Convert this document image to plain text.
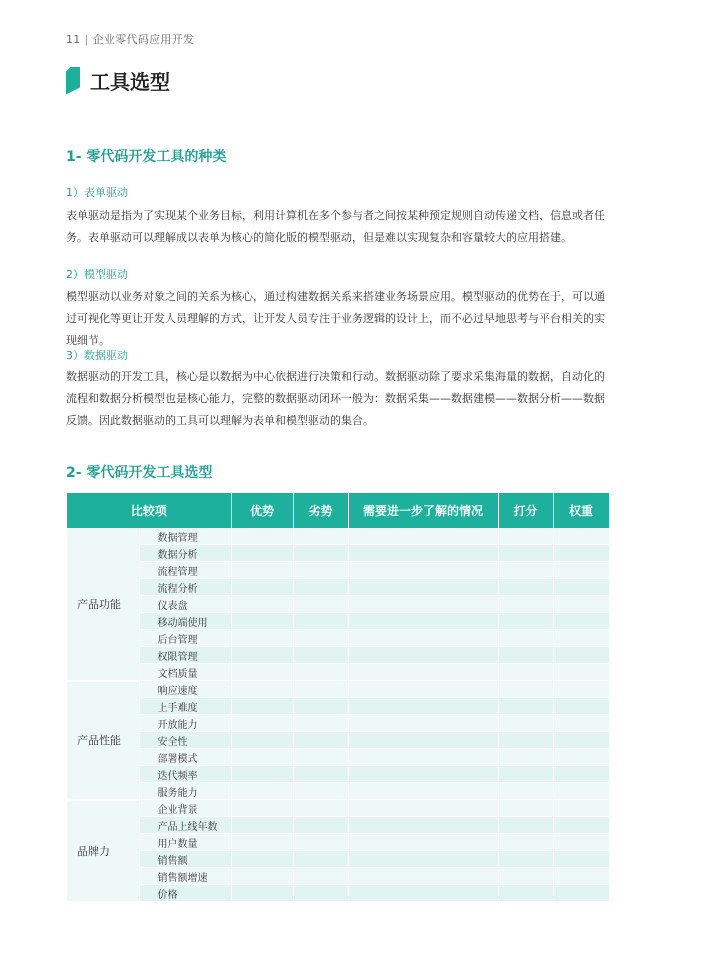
11 | 企业零代码应用开发
工具选型
1- 零代码开发工具的种类
1）表单驱动
表单驱动是指为了实现某个业务目标，利用计算机在多个参与者之间按某种预定规则自动传递文档、信息或者任务。表单驱动可以理解成以表单为核心的简化版的模型驱动，但是难以实现复杂和容量较大的应用搭建。
2）模型驱动
模型驱动以业务对象之间的关系为核心，通过构建数据关系来搭建业务场景应用。模型驱动的优势在于，可以通过可视化等更让开发人员理解的方式，让开发人员专注于业务逻辑的设计上，而不必过早地思考与平台相关的实现细节。
3）数据驱动
数据驱动的开发工具，核心是以数据为中心依据进行决策和行动。数据驱动除了要求采集海量的数据，自动化的流程和数据分析模型也是核心能力，完整的数据驱动闭环一般为：数据采集——数据建模——数据分析——数据反馈。因此数据驱动的工具可以理解为表单和模型驱动的集合。
2- 零代码开发工具选型
比较项		优势	劣势	需要进一步了解的情况	打分	权重
产品功能	数据管理					
	数据分析					
	流程管理					
	流程分析					
	仪表盘					
	移动端使用					
	后台管理					
	权限管理					
	文档质量					
产品性能	响应速度					
	上手难度					
	开放能力					
	安全性					
	部署模式					
	迭代频率					
	服务能力					
品牌力	企业背景					
	产品上线年数					
	用户数量					
	销售额					
	销售额增速					
	价格					
